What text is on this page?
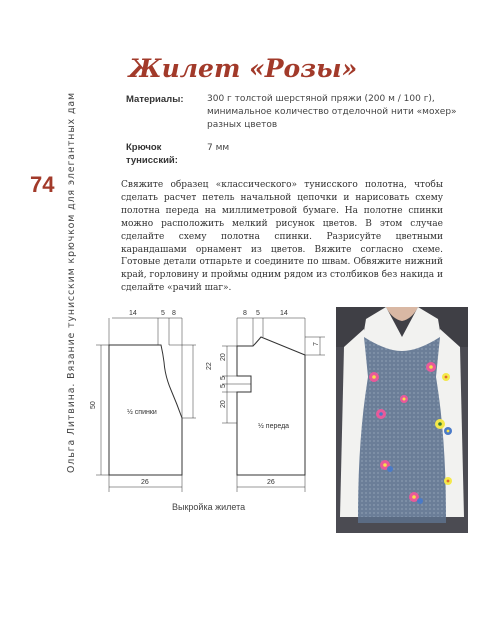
Жилет «Розы»
Ольга Литвина. Вязание тунисским крючком для элегантных дам
74
Материалы:	300 г толстой шерстяной пряжи (200 м / 100 г),
минимальное количество отделочной нити «мохер»
разных цветов
Крючок
тунисский:
7 мм
Свяжите образец «классического» тунисского полотна, чтобы сделать расчет петель начальной цепочки и нарисовать схему полотна переда на миллиметровой бумаге. На полотне спинки можно расположить мелкий рисунок цветов. В этом случае сделайте схему полотна спинки. Разрисуйте цветными карандашами орнамент из цветов. Вяжите согласно схеме. Готовые детали отпарьте и соедините по швам. Обвяжите нижний край, горловину и проймы одним рядом из столбиков без накида и сделайте «рачий шаг».
14	5 8
50
22
26
½ спинки
8 5	14
7
20
5
5
20
26
½ переда
Выкройка жилета
